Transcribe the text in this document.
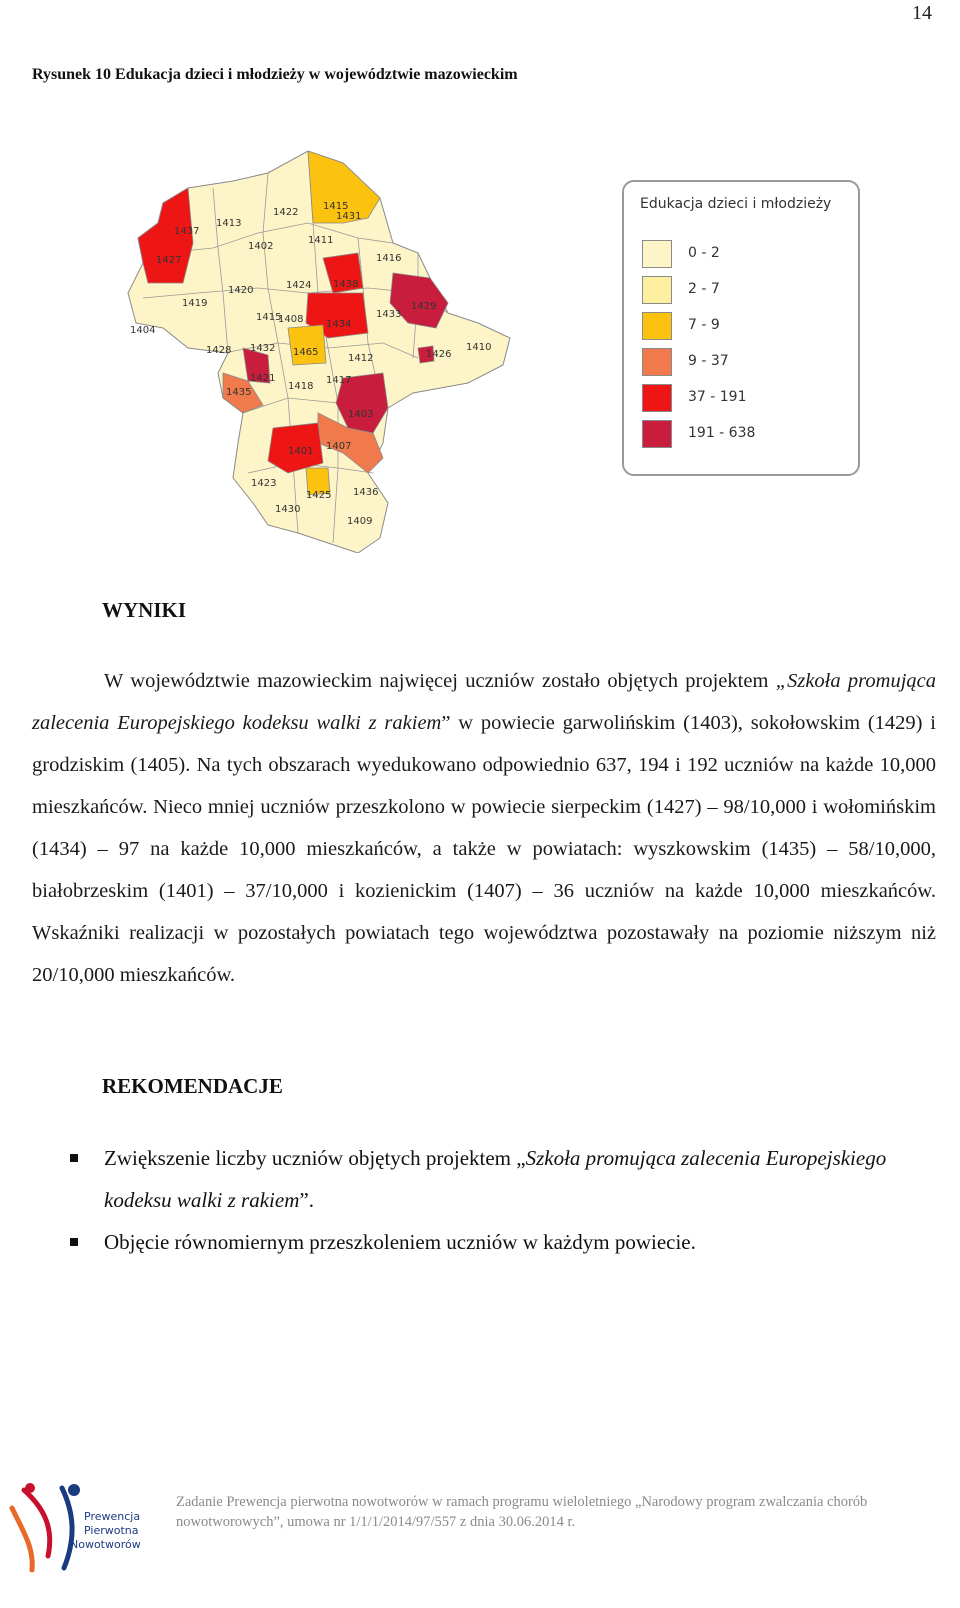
14
Rysunek 10 Edukacja dzieci i młodzieży w województwie mazowieckim
1415
1431
1413
1422
1411
1437
1402
1416
1427
1420	1424 1438
1429
1419
1415
1408 1434
1433
1404
1428 1432 1465
1412	1426
1410
1421
1418
1417
1435
1403
1407
1401
1423
1425 1436
1430
1409
Edukacja dzieci i młodzieży
0 - 2
2 - 7
7 - 9
9 - 37
37 - 191
191 - 638
WYNIKI

W województwie mazowieckim najwięcej uczniów zostało objętych projektem „Szkoła promująca zalecenia Europejskiego kodeksu walki z rakiem” w powiecie garwolińskim (1403), sokołowskim (1429) i grodziskim (1405). Na tych obszarach wyedukowano odpowiednio 637, 194 i 192 uczniów na każde 10,000 mieszkańców. Nieco mniej uczniów przeszkolono w powiecie sierpeckim (1427) – 98/10,000 i wołomińskim (1434) – 97 na każde 10,000 mieszkańców, a także w powiatach: wyszkowskim (1435) – 58/10,000, białobrzeskim (1401) – 37/10,000 i kozienickim (1407) – 36 uczniów na każde 10,000 mieszkańców. Wskaźniki realizacji w pozostałych powiatach tego województwa pozostawały na poziomie niższym niż 20/10,000 mieszkańców.

REKOMENDACJE
Zwiększenie liczby uczniów objętych projektem „Szkoła promująca zalecenia Europejskiego kodeksu walki z rakiem”.
Objęcie równomiernym przeszkoleniem uczniów w każdym powiecie.
Prewencja
Pierwotna
Nowotworów
Zadanie Prewencja pierwotna nowotworów w ramach programu wieloletniego „Narodowy program zwalczania chorób nowotworowych”, umowa nr 1/1/1/2014/97/557 z dnia 30.06.2014 r.
